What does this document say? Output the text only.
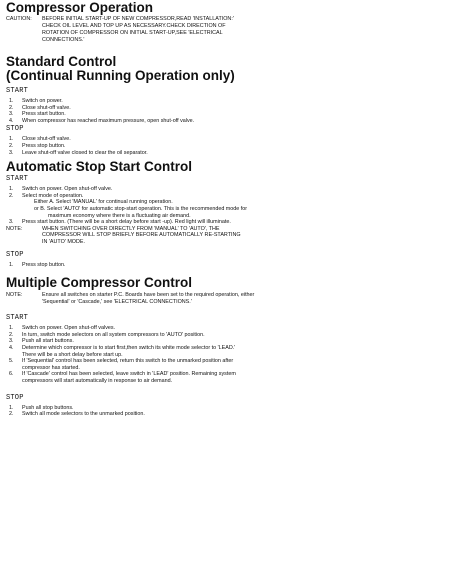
Compressor Operation
CAUTION:	BEFORE INITIAL START-UP OF NEW COMPRESSOR,READ 'INSTALLATION:'
CHECK OIL LEVEL AND TOP UP AS NECESSARY.CHECK DIRECTION OF
ROTATION OF COMPRESSOR ON INITIAL START-UP,SEE 'ELECTRICAL
CONNECTIONS.'
Standard Control
(Continual Running Operation only)
START
1.	Switch on power.
2.	Close shut-off valve.
3.	Press start button.
4.	When compressor has reached maximum pressure, open shut-off valve.
STOP
1.	Close shut-off valve.
2.	Press stop button.
3.	Leave shut-off valve closed to clear the oil separator.
Automatic Stop Start Control
START
1.	Switch on power. Open shut-off valve.
2.	Select mode of operation.
Either A. Select 'MANUAL' for continual running operation.
or B. Select 'AUTO' for automatic stop-start operation. This is the recommended mode for
maximum economy where there is a fluctuating air demand.
3.	Press start button. (There will be a short delay before start -up). Red light will illuminate.
NOTE:	WHEN SWITCHING OVER DIRECTLY FROM 'MANUAL' TO 'AUTO', THE
COMPRESSOR WILL STOP BRIEFLY BEFORE AUTOMATICALLY RE-STARTING
IN 'AUTO' MODE.
STOP
1.	Press stop button.
Multiple Compressor Control
NOTE:	Ensure all switches on starter P.C. Boards have been set to the required operation, either
'Sequential' or 'Cascade,' see 'ELECTRICAL CONNECTIONS.'
START
1.	Switch on power. Open shut-off valves.
2.	In turn, switch mode selectors on all system compressors to 'AUTO' position.
3.	Push all start buttons.
4.	Determine which compressor is to start first,then switch its white mode selector to 'LEAD.'
There will be a short delay before start up.
5.	If 'Sequential' control has been selected, return this switch to the unmarked position after
compressor has started.
6.	If 'Cascade' control has been selected, leave switch in 'LEAD' position. Remaining system
compressors will start automatically in response to air demand.
STOP
1.	Push all stop buttons.
2.	Switch all mode selectors to the unmarked position.
